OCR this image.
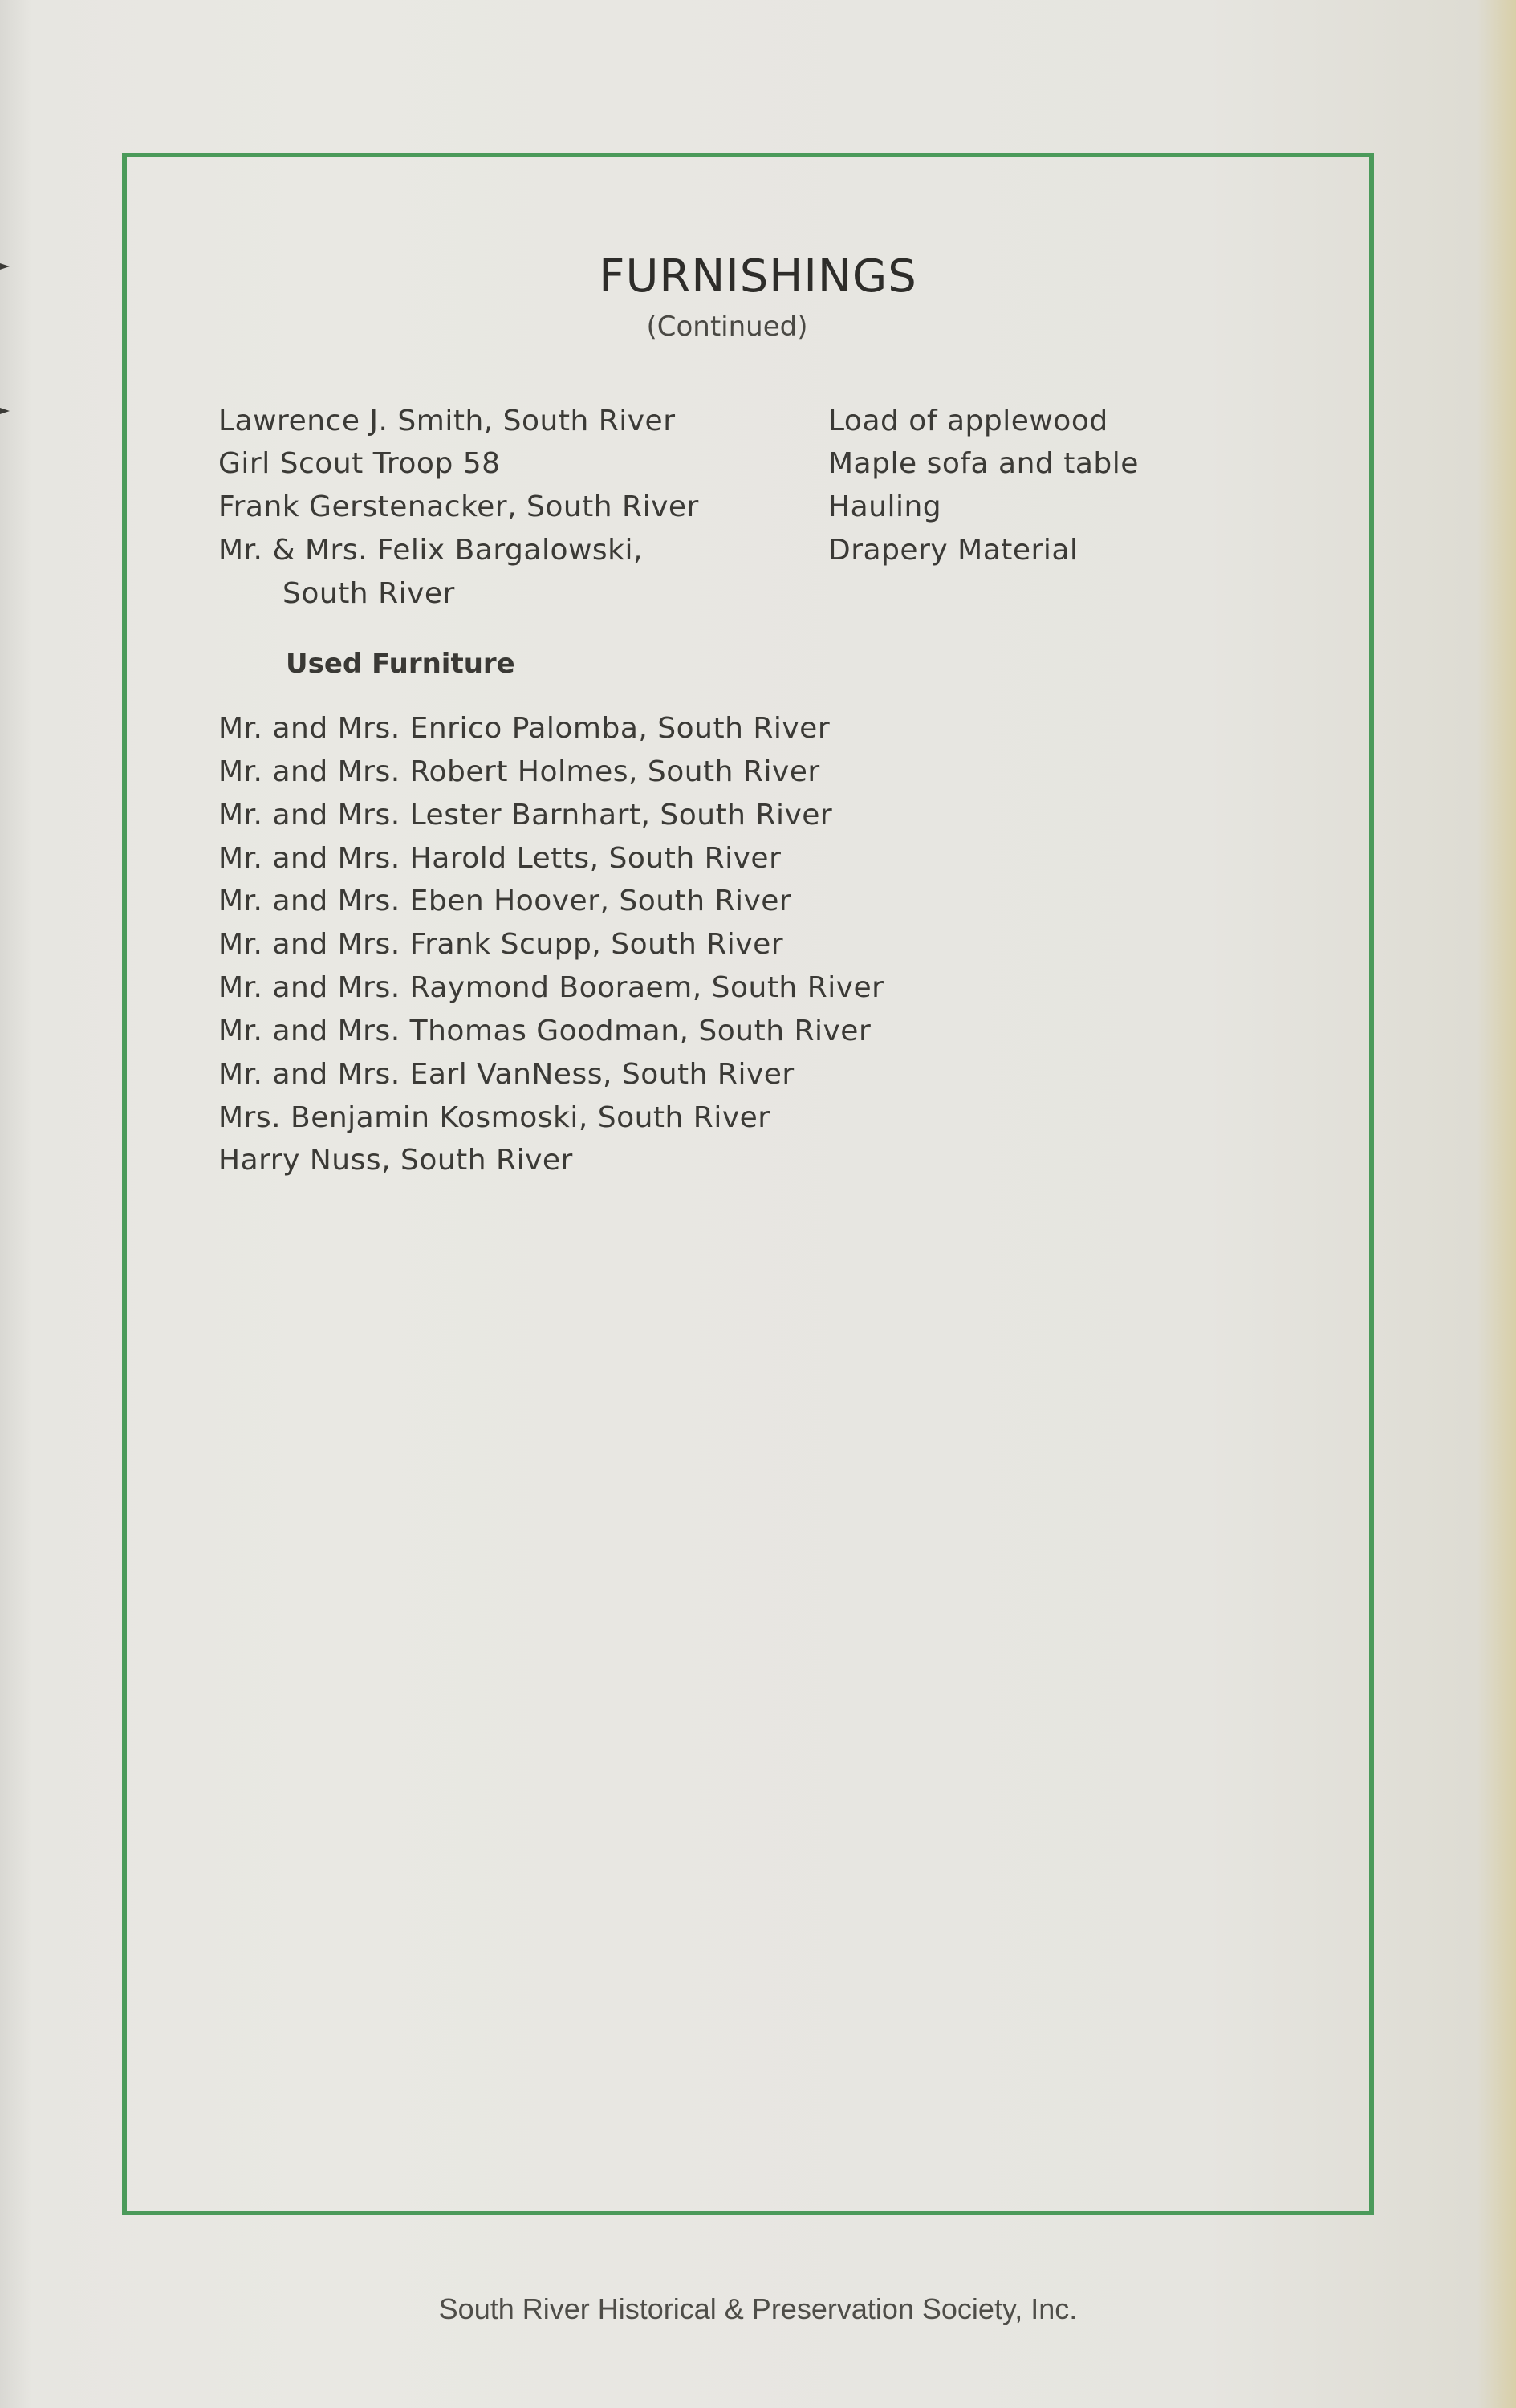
FURNISHINGS
(Continued)
Lawrence J. Smith, South River	Load of applewood
Girl Scout Troop 58	Maple sofa and table
Frank Gerstenacker, South River	Hauling
Mr. & Mrs. Felix Bargalowski,	Drapery Material
South River
Used Furniture
Mr. and Mrs. Enrico Palomba, South River
Mr. and Mrs. Robert Holmes, South River
Mr. and Mrs. Lester Barnhart, South River
Mr. and Mrs. Harold Letts, South River
Mr. and Mrs. Eben Hoover, South River
Mr. and Mrs. Frank Scupp, South River
Mr. and Mrs. Raymond Booraem, South River
Mr. and Mrs. Thomas Goodman, South River
Mr. and Mrs. Earl VanNess, South River
Mrs. Benjamin Kosmoski, South River
Harry Nuss, South River
South River Historical & Preservation Society, Inc.
